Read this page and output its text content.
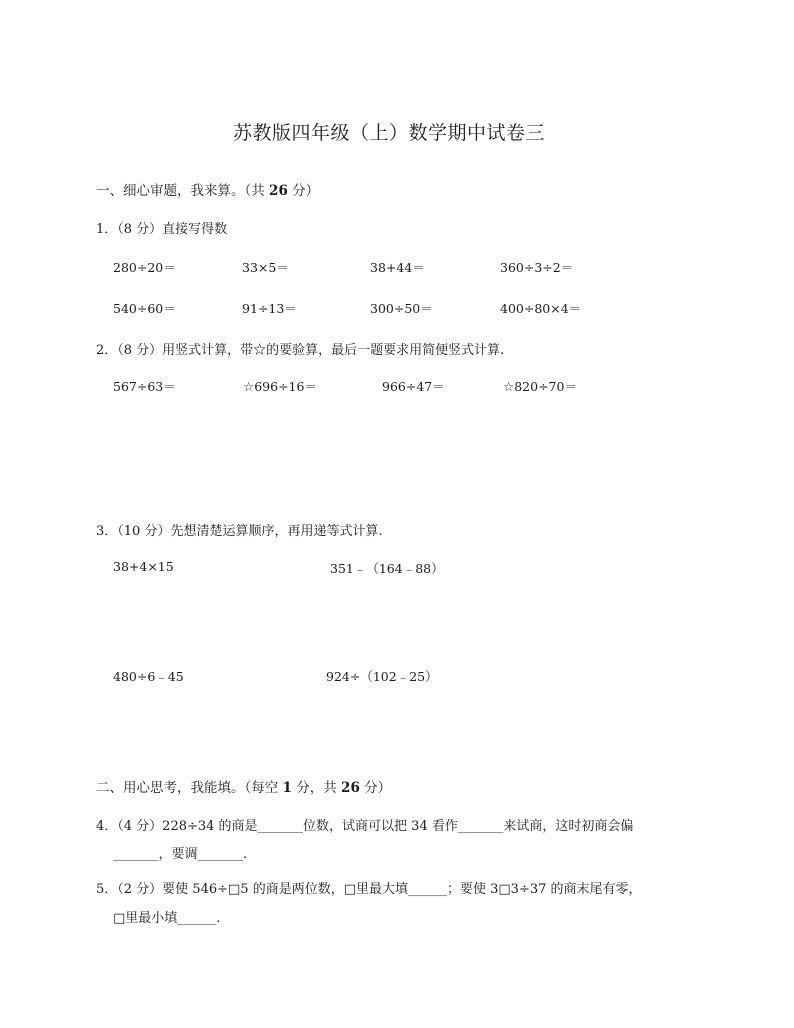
苏教版四年级（上）数学期中试卷三
一、细心审题，我来算。（共 26 分）
1．（8 分）直接写得数
280÷20＝	33×5＝	38+44＝	360÷3÷2＝
540÷60＝	91÷13＝	300÷50＝	400÷80×4＝
2．（8 分）用竖式计算，带☆的要验算，最后一题要求用简便竖式计算.
567÷63＝	☆696÷16＝	966÷47＝	☆820÷70＝
3．（10 分）先想清楚运算顺序，再用递等式计算.
38+4×15	351﹣（164﹣88）
480÷6﹣45	924÷（102﹣25）
二、用心思考，我能填。（每空 1 分，共 26 分）
4．（4 分）228÷34 的商是_______位数，试商可以把 34 看作_______来试商，这时初商会偏
_______，要调_______.
5．（2 分）要使 546÷□5 的商是两位数，□里最大填______；要使 3□3÷37 的商末尾有零，
□里最小填______.
